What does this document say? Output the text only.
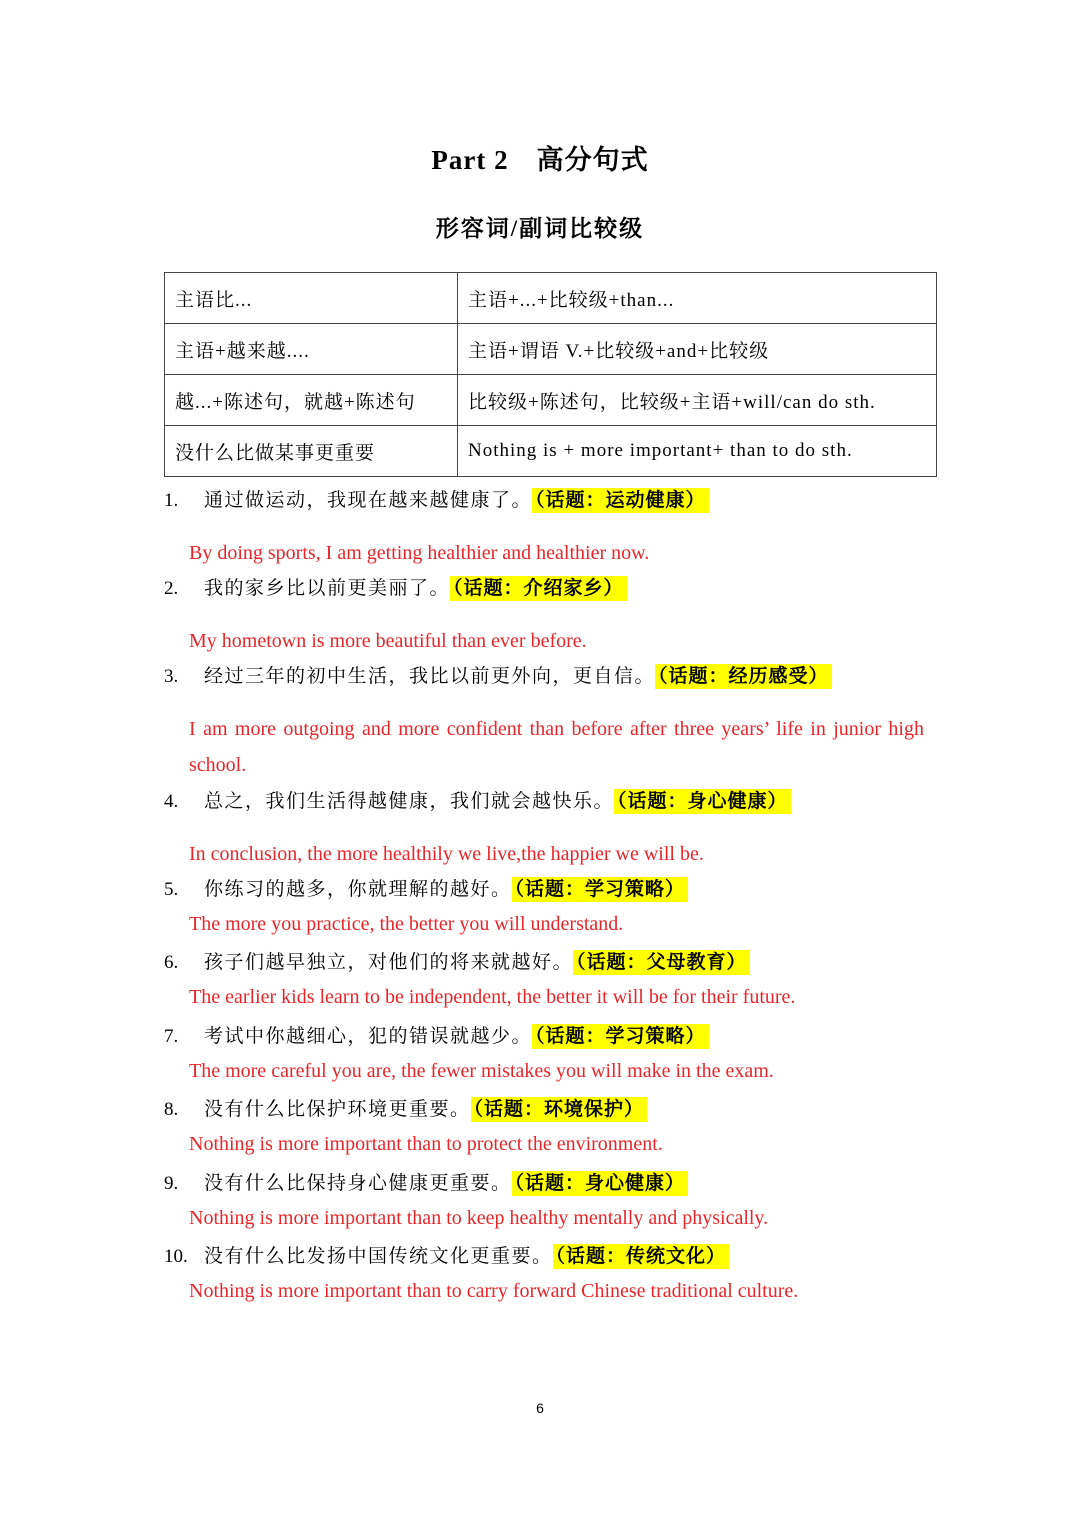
Part 2　高分句式
形容词/副词比较级
主语比...	主语+...+比较级+than...
主语+越来越....	主语+谓语 V.+比较级+and+比较级
越...+陈述句，就越+陈述句	比较级+陈述句，比较级+主语+will/can do sth.
没什么比做某事更重要	Nothing is + more important+ than to do sth.
1. 通过做运动，我现在越来越健康了。 （话题：运动健康）
By doing sports, I am getting healthier and healthier now.
2. 我的家乡比以前更美丽了。 （话题：介绍家乡）
My hometown is more beautiful than ever before.
3. 经过三年的初中生活，我比以前更外向，更自信。 （话题：经历感受）
I am more outgoing and more confident than before after three years’ life in junior high school.
4. 总之，我们生活得越健康，我们就会越快乐。 （话题：身心健康）
In conclusion, the more healthily we live,the happier we will be.
5. 你练习的越多，你就理解的越好。 （话题：学习策略）
The more you practice, the better you will understand.
6. 孩子们越早独立，对他们的将来就越好。 （话题：父母教育）
The earlier kids learn to be independent, the better it will be for their future.
7. 考试中你越细心，犯的错误就越少。 （话题：学习策略）
The more careful you are, the fewer mistakes you will make in the exam.
8. 没有什么比保护环境更重要。 （话题：环境保护）
Nothing is more important than to protect the environment.
9. 没有什么比保持身心健康更重要。 （话题：身心健康）
Nothing is more important than to keep healthy mentally and physically.
10. 没有什么比发扬中国传统文化更重要。 （话题：传统文化）
Nothing is more important than to carry forward Chinese traditional culture.
6
